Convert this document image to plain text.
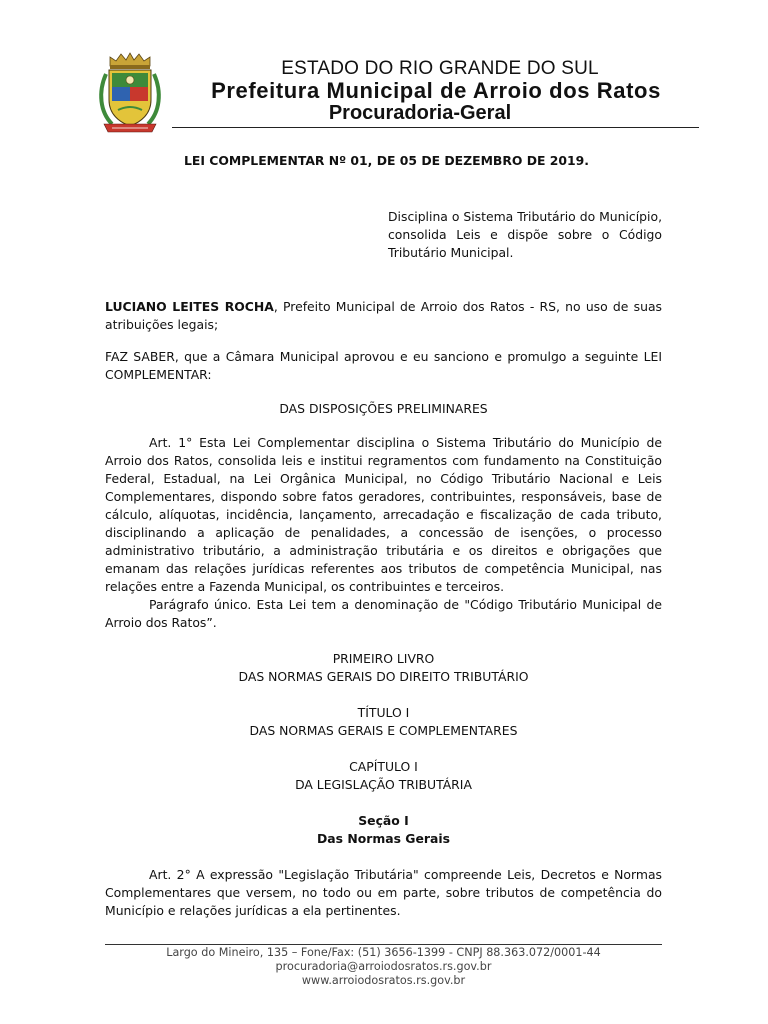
ESTADO DO RIO GRANDE DO SUL
Prefeitura Municipal de Arroio dos Ratos
Procuradoria-Geral

LEI COMPLEMENTAR Nº 01, DE 05 DE DEZEMBRO DE 2019.

Disciplina o Sistema Tributário do Município, consolida Leis e dispõe sobre o Código Tributário Municipal.

LUCIANO LEITES ROCHA, Prefeito Municipal de Arroio dos Ratos - RS, no uso de suas atribuições legais;

FAZ SABER, que a Câmara Municipal aprovou e eu sanciono e promulgo a seguinte LEI COMPLEMENTAR:

DAS DISPOSIÇÕES PRELIMINARES

Art. 1° Esta Lei Complementar disciplina o Sistema Tributário do Município de Arroio dos Ratos, consolida leis e institui regramentos com fundamento na Constituição Federal, Estadual, na Lei Orgânica Municipal, no Código Tributário Nacional e Leis Complementares, dispondo sobre fatos geradores, contribuintes, responsáveis, base de cálculo, alíquotas, incidência, lançamento, arrecadação e fiscalização de cada tributo, disciplinando a aplicação de penalidades, a concessão de isenções, o processo administrativo tributário, a administração tributária e os direitos e obrigações que emanam das relações jurídicas referentes aos tributos de competência Municipal, nas relações entre a Fazenda Municipal, os contribuintes e terceiros.

Parágrafo único. Esta Lei tem a denominação de "Código Tributário Municipal de Arroio dos Ratos”.

PRIMEIRO LIVRO

DAS NORMAS GERAIS DO DIREITO TRIBUTÁRIO

TÍTULO I

DAS NORMAS GERAIS E COMPLEMENTARES

CAPÍTULO I

DA LEGISLAÇÃO TRIBUTÁRIA

Seção I

Das Normas Gerais

Art. 2° A expressão "Legislação Tributária" compreende Leis, Decretos e Normas Complementares que versem, no todo ou em parte, sobre tributos de competência do Município e relações jurídicas a ela pertinentes.

Largo do Mineiro, 135 – Fone/Fax: (51) 3656-1399 - CNPJ 88.363.072/0001-44
procuradoria@arroiodosratos.rs.gov.br
www.arroiodosratos.rs.gov.br
